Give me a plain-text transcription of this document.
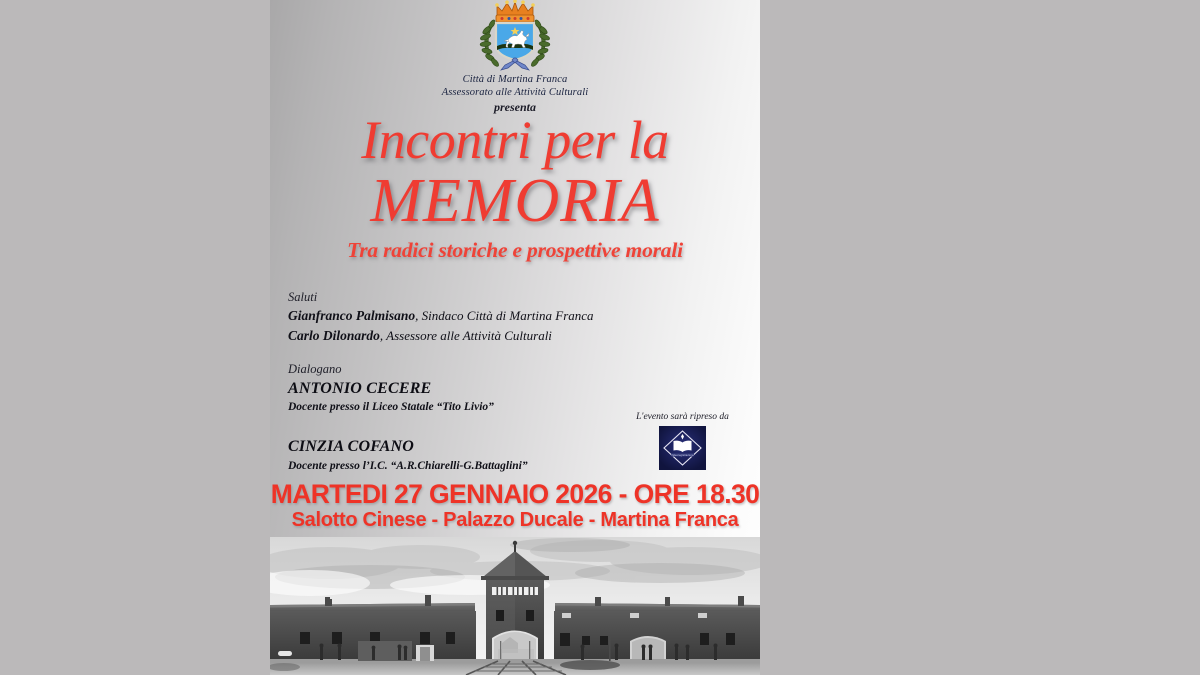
Città di Martina Franca
Assessorato alle Attività Culturali
presenta
Incontri per la
MEMORIA
Tra radici storiche e prospettive morali
Saluti
Gianfranco Palmisano, Sindaco Città di Martina Franca
Carlo Dilonardo, Assessore alle Attività Culturali
Dialogano
ANTONIO CECERE
Docente presso il Liceo Statale “Tito Livio”
CINZIA COFANO
Docente presso l’I.C. “A.R.Chiarelli-G.Battaglini”
L'evento sarà ripreso da
Videoregistrazione
MARTEDI 27 GENNAIO 2026 - ORE 18.30
Salotto Cinese - Palazzo Ducale - Martina Franca
